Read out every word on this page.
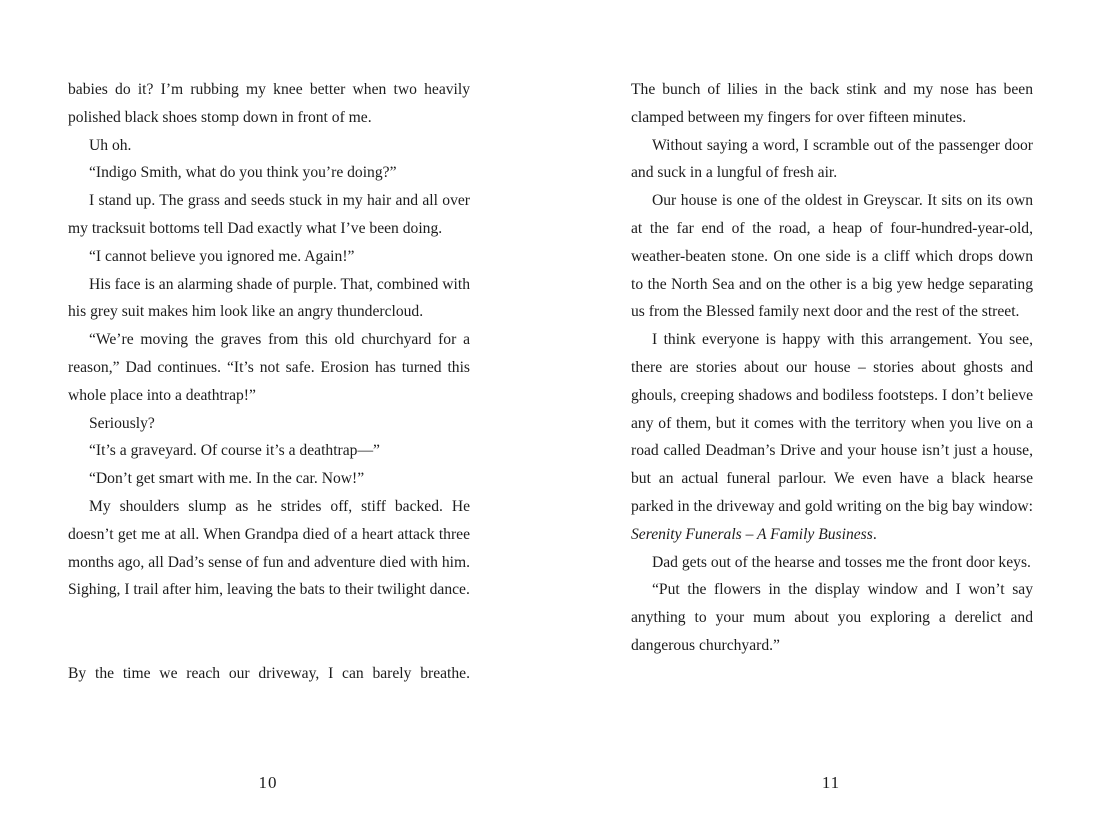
babies do it? I’m rubbing my knee better when two heavily polished black shoes stomp down in front of me.

Uh oh.

“Indigo Smith, what do you think you’re doing?”

I stand up. The grass and seeds stuck in my hair and all over my tracksuit bottoms tell Dad exactly what I’ve been doing.

“I cannot believe you ignored me. Again!”

His face is an alarming shade of purple. That, combined with his grey suit makes him look like an angry thundercloud.

“We’re moving the graves from this old churchyard for a reason,” Dad continues. “It’s not safe. Erosion has turned this whole place into a deathtrap!”

Seriously?

“It’s a graveyard. Of course it’s a deathtrap—”

“Don’t get smart with me. In the car. Now!”

My shoulders slump as he strides off, stiff backed. He doesn’t get me at all. When Grandpa died of a heart attack three months ago, all Dad’s sense of fun and adventure died with him. Sighing, I trail after him, leaving the bats to their twilight dance.

By the time we reach our driveway, I can barely breathe.

The bunch of lilies in the back stink and my nose has been clamped between my fingers for over fifteen minutes.

Without saying a word, I scramble out of the passenger door and suck in a lungful of fresh air.

Our house is one of the oldest in Greyscar. It sits on its own at the far end of the road, a heap of four-hundred-year-old, weather-beaten stone. On one side is a cliff which drops down to the North Sea and on the other is a big yew hedge separating us from the Blessed family next door and the rest of the street.

I think everyone is happy with this arrangement. You see, there are stories about our house – stories about ghosts and ghouls, creeping shadows and bodiless footsteps. I don’t believe any of them, but it comes with the territory when you live on a road called Deadman’s Drive and your house isn’t just a house, but an actual funeral parlour. We even have a black hearse parked in the driveway and gold writing on the big bay window: Serenity Funerals – A Family Business.

Dad gets out of the hearse and tosses me the front door keys.

“Put the flowers in the display window and I won’t say anything to your mum about you exploring a derelict and dangerous churchyard.”

10	11
